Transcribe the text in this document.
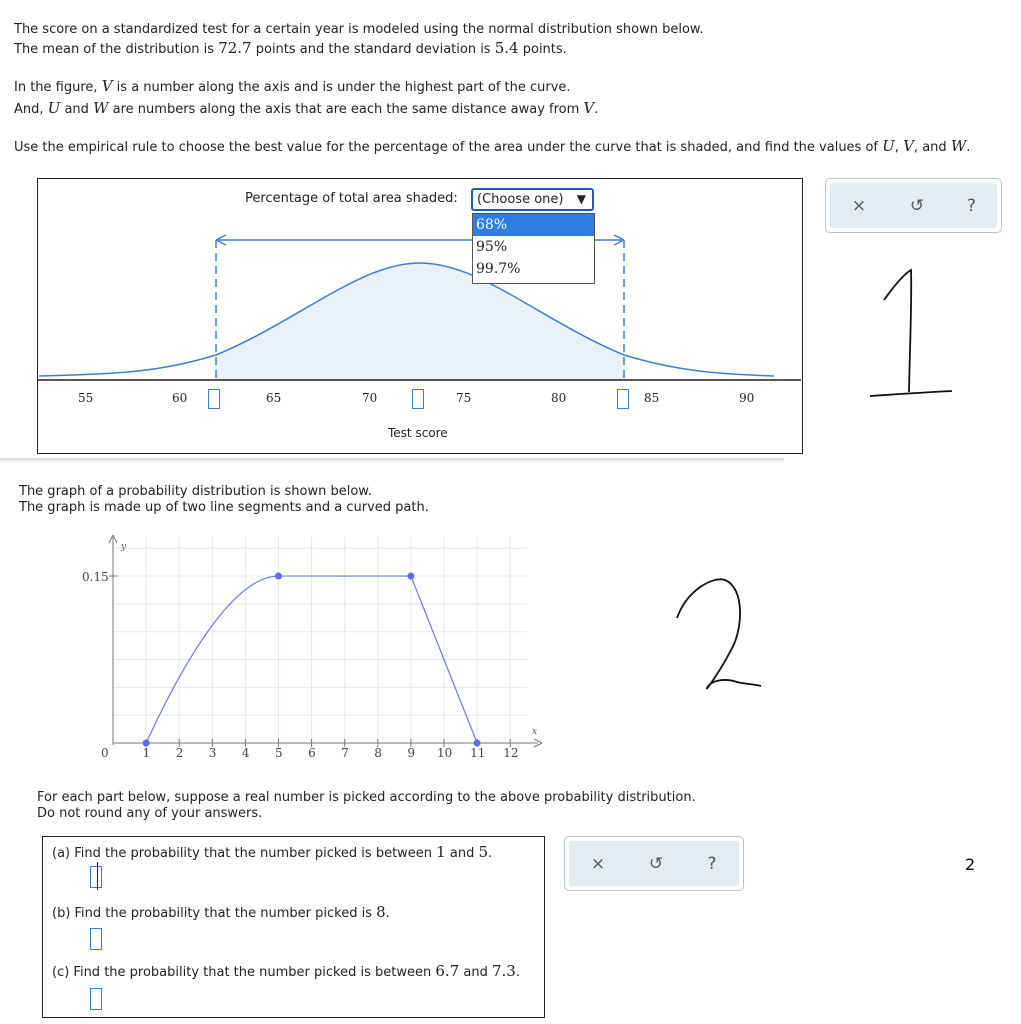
The score on a standardized test for a certain year is modeled using the normal distribution shown below.
The mean of the distribution is 72.7 points and the standard deviation is 5.4 points.
In the figure, V is a number along the axis and is under the highest part of the curve.
And, U and W are numbers along the axis that are each the same distance away from V.
Use the empirical rule to choose the best value for the percentage of the area under the curve that is shaded, and find the values of U, V, and W.
Percentage of total area shaded:	(Choose one) ▼
68%
95%
99.7%
55	60	65	70	75	80	85	90
Test score
×	↺	?
The graph of a probability distribution is shown below.
The graph is made up of two line segments and a curved path.
y
x
0.15
0	1 2 3 4 5 6 7 8 9 10 11 12
2
For each part below, suppose a real number is picked according to the above probability distribution.
Do not round any of your answers.
(a) Find the probability that the number picked is between 1 and 5.
(b) Find the probability that the number picked is 8.
(c) Find the probability that the number picked is between 6.7 and 7.3.
×	↺	?
